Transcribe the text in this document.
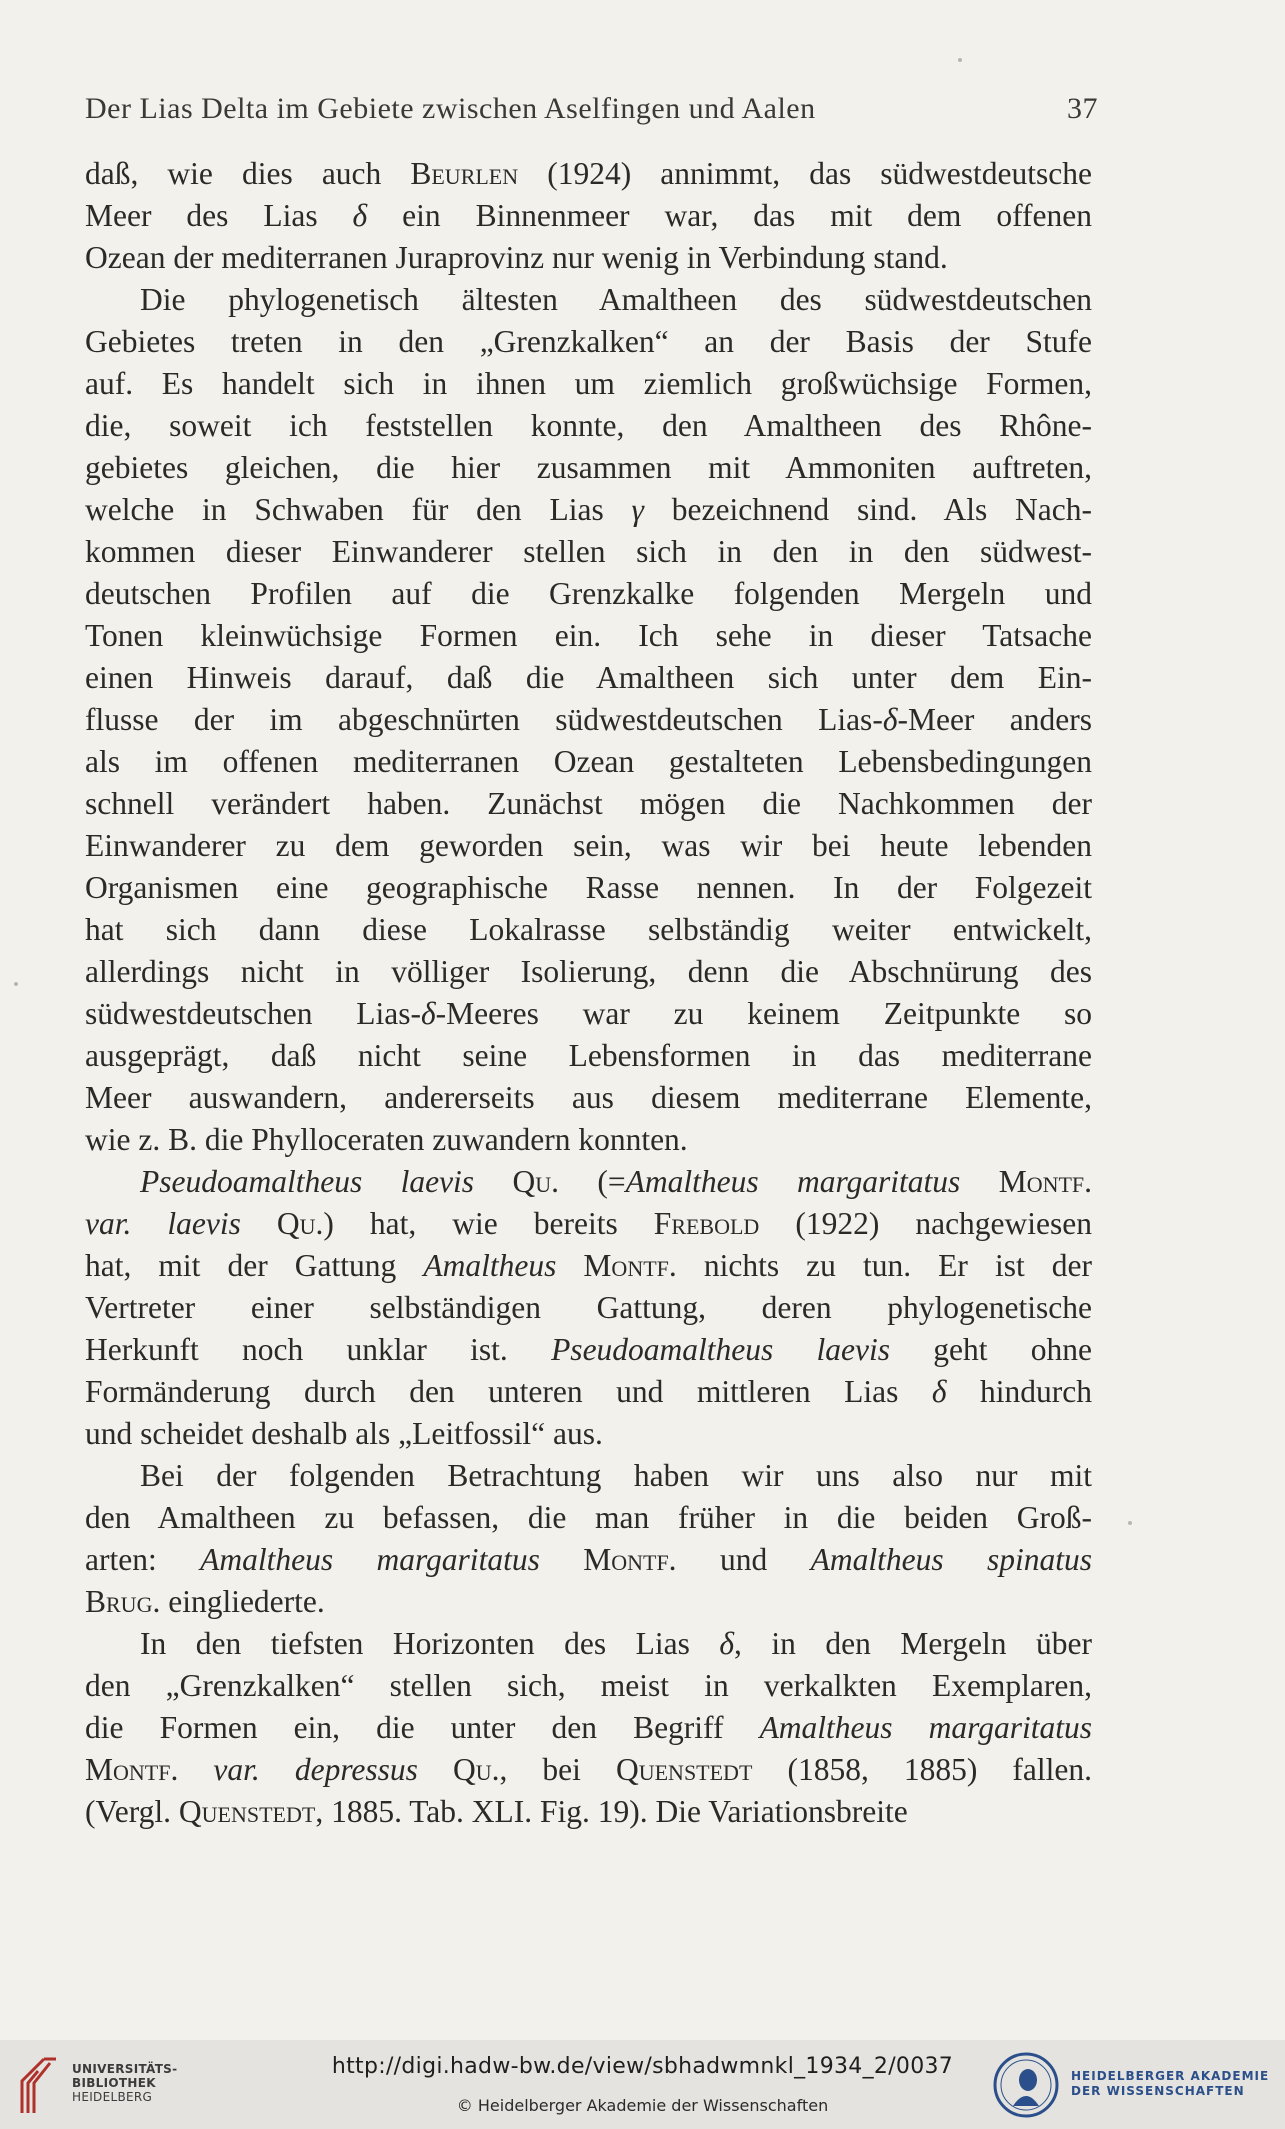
Der Lias Delta im Gebiete zwischen Aselfingen und Aalen	37

daß, wie dies auch Beurlen (1924) annimmt, das südwestdeutsche
Meer des Lias δ ein Binnenmeer war, das mit dem offenen
Ozean der mediterranen Juraprovinz nur wenig in Verbindung stand.

Die phylogenetisch ältesten Amaltheen des südwestdeutschen
Gebietes treten in den „Grenzkalken“ an der Basis der Stufe
auf. Es handelt sich in ihnen um ziemlich großwüchsige Formen,
die, soweit ich feststellen konnte, den Amaltheen des Rhône-
gebietes gleichen, die hier zusammen mit Ammoniten auftreten,
welche in Schwaben für den Lias γ bezeichnend sind. Als Nach-
kommen dieser Einwanderer stellen sich in den in den südwest-
deutschen Profilen auf die Grenzkalke folgenden Mergeln und
Tonen kleinwüchsige Formen ein. Ich sehe in dieser Tatsache
einen Hinweis darauf, daß die Amaltheen sich unter dem Ein-
flusse der im abgeschnürten südwestdeutschen Lias-δ-Meer anders
als im offenen mediterranen Ozean gestalteten Lebensbedingungen
schnell verändert haben. Zunächst mögen die Nachkommen der
Einwanderer zu dem geworden sein, was wir bei heute lebenden
Organismen eine geographische Rasse nennen. In der Folgezeit
hat sich dann diese Lokalrasse selbständig weiter entwickelt,
allerdings nicht in völliger Isolierung, denn die Abschnürung des
südwestdeutschen Lias-δ-Meeres war zu keinem Zeitpunkte so
ausgeprägt, daß nicht seine Lebensformen in das mediterrane
Meer auswandern, andererseits aus diesem mediterrane Elemente,
wie z. B. die Phylloceraten zuwandern konnten.

Pseudoamaltheus laevis Qu. (=Amaltheus margaritatus Montf.
var. laevis Qu.) hat, wie bereits Frebold (1922) nachgewiesen
hat, mit der Gattung Amaltheus Montf. nichts zu tun. Er ist der
Vertreter einer selbständigen Gattung, deren phylogenetische
Herkunft noch unklar ist. Pseudoamaltheus laevis geht ohne
Formänderung durch den unteren und mittleren Lias δ hindurch
und scheidet deshalb als „Leitfossil“ aus.

Bei der folgenden Betrachtung haben wir uns also nur mit
den Amaltheen zu befassen, die man früher in die beiden Groß-
arten: Amaltheus margaritatus Montf. und Amaltheus spinatus
Brug. eingliederte.

In den tiefsten Horizonten des Lias δ, in den Mergeln über
den „Grenzkalken“ stellen sich, meist in verkalkten Exemplaren,
die Formen ein, die unter den Begriff Amaltheus margaritatus
Montf. var. depressus Qu., bei Quenstedt (1858, 1885) fallen.
(Vergl. Quenstedt, 1885. Tab. XLI. Fig. 19). Die Variationsbreite

UNIVERSITÄTS-
BIBLIOTHEK
HEIDELBERG
http://digi.hadw-bw.de/view/sbhadwmnkl_1934_2/0037
© Heidelberger Akademie der Wissenschaften
HEIDELBERGER AKADEMIE
DER WISSENSCHAFTEN
